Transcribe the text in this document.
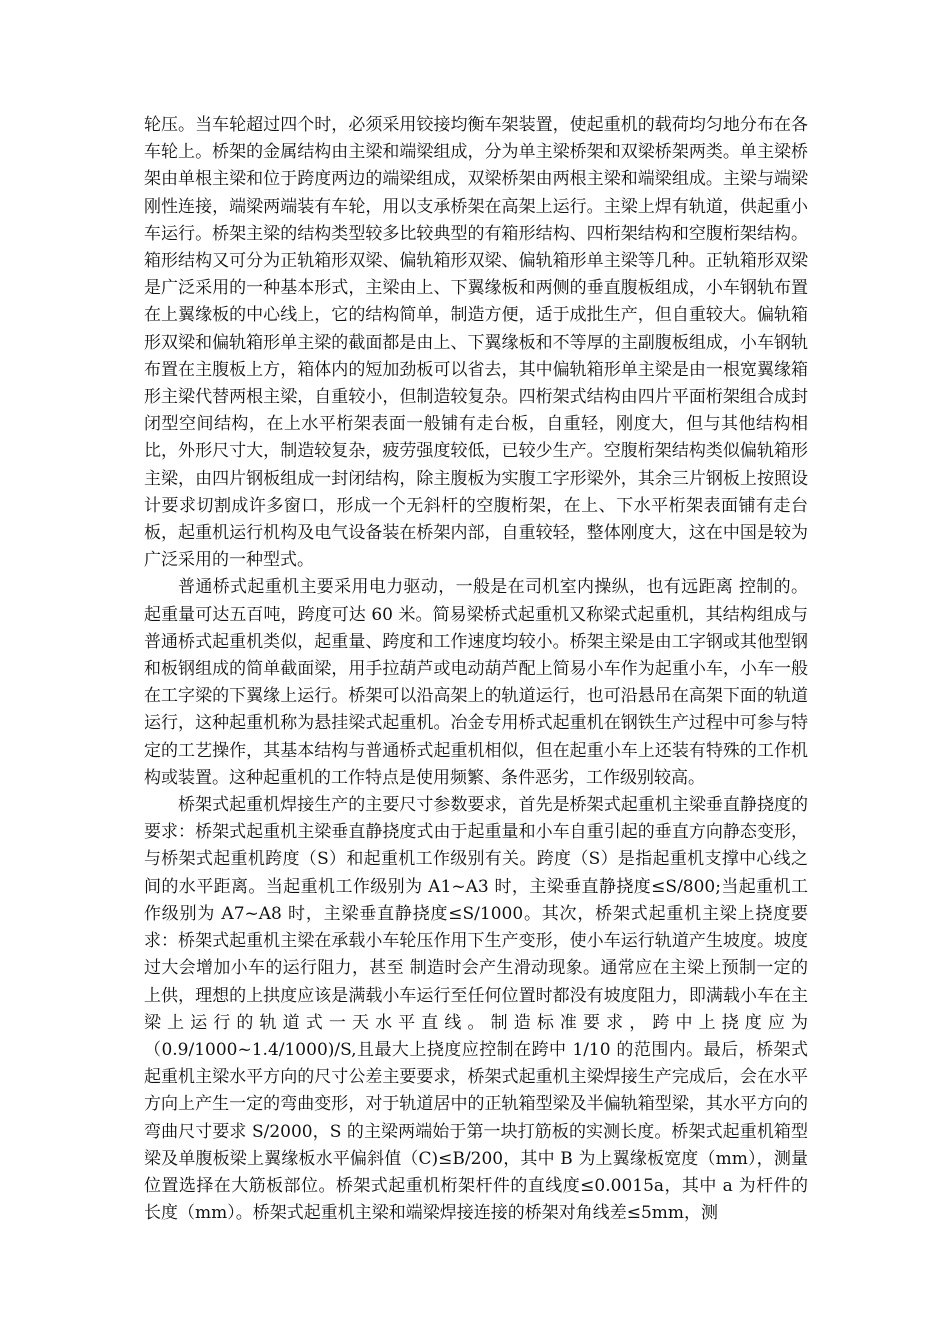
轮压。当车轮超过四个时，必须采用铰接均衡车架装置，使起重机的载荷均匀地分布在各车轮上。桥架的金属结构由主梁和端梁组成，分为单主梁桥架和双梁桥架两类。单主梁桥架由单根主梁和位于跨度两边的端梁组成，双梁桥架由两根主梁和端梁组成。主梁与端梁刚性连接，端梁两端装有车轮，用以支承桥架在高架上运行。主梁上焊有轨道，供起重小车运行。桥架主梁的结构类型较多比较典型的有箱形结构、四桁架结构和空腹桁架结构。箱形结构又可分为正轨箱形双梁、偏轨箱形双梁、偏轨箱形单主梁等几种。正轨箱形双梁是广泛采用的一种基本形式，主梁由上、下翼缘板和两侧的垂直腹板组成，小车钢轨布置在上翼缘板的中心线上，它的结构简单，制造方便，适于成批生产，但自重较大。偏轨箱形双梁和偏轨箱形单主梁的截面都是由上、下翼缘板和不等厚的主副腹板组成，小车钢轨布置在主腹板上方，箱体内的短加劲板可以省去，其中偏轨箱形单主梁是由一根宽翼缘箱形主梁代替两根主梁，自重较小，但制造较复杂。四桁架式结构由四片平面桁架组合成封闭型空间结构，在上水平桁架表面一般铺有走台板，自重轻，刚度大，但与其他结构相比，外形尺寸大，制造较复杂，疲劳强度较低，已较少生产。空腹桁架结构类似偏轨箱形主梁，由四片钢板组成一封闭结构，除主腹板为实腹工字形梁外，其余三片钢板上按照设计要求切割成许多窗口，形成一个无斜杆的空腹桁架，在上、下水平桁架表面铺有走台板，起重机运行机构及电气设备装在桥架内部，自重较轻，整体刚度大，这在中国是较为广泛采用的一种型式。

普通桥式起重机主要采用电力驱动，一般是在司机室内操纵，也有远距离 控制的。起重量可达五百吨，跨度可达 60 米。简易梁桥式起重机又称梁式起重机，其结构组成与普通桥式起重机类似，起重量、跨度和工作速度均较小。桥架主梁是由工字钢或其他型钢和板钢组成的简单截面梁，用手拉葫芦或电动葫芦配上简易小车作为起重小车，小车一般在工字梁的下翼缘上运行。桥架可以沿高架上的轨道运行，也可沿悬吊在高架下面的轨道运行，这种起重机称为悬挂梁式起重机。冶金专用桥式起重机在钢铁生产过程中可参与特定的工艺操作，其基本结构与普通桥式起重机相似，但在起重小车上还装有特殊的工作机构或装置。这种起重机的工作特点是使用频繁、条件恶劣，工作级别较高。

桥架式起重机焊接生产的主要尺寸参数要求，首先是桥架式起重机主梁垂直静挠度的要求：桥架式起重机主梁垂直静挠度式由于起重量和小车自重引起的垂直方向静态变形，与桥架式起重机跨度（S）和起重机工作级别有关。跨度（S）是指起重机支撑中心线之间的水平距离。当起重机工作级别为 A1~A3 时，主梁垂直静挠度≤S/800;当起重机工作级别为 A7~A8 时，主梁垂直静挠度≤S/1000。其次，桥架式起重机主梁上挠度要求：桥架式起重机主梁在承载小车轮压作用下生产变形，使小车运行轨道产生坡度。坡度过大会增加小车的运行阻力，甚至 制造时会产生滑动现象。通常应在主梁上预制一定的上供，理想的上拱度应该是满载小车运行至任何位置时都没有坡度阻力，即满载小车在主梁上运行的轨道式一天水平直线。制造标准要求，跨中上挠度应为（0.9/1000~1.4/1000)/S,且最大上挠度应控制在跨中 1/10 的范围内。最后，桥架式起重机主梁水平方向的尺寸公差主要要求，桥架式起重机主梁焊接生产完成后，会在水平方向上产生一定的弯曲变形，对于轨道居中的正轨箱型梁及半偏轨箱型梁，其水平方向的弯曲尺寸要求 S/2000，S 的主梁两端始于第一块打筋板的实测长度。桥架式起重机箱型梁及单腹板梁上翼缘板水平偏斜值（C)≤B/200，其中 B 为上翼缘板宽度（mm），测量位置选择在大筋板部位。桥架式起重机桁架杆件的直线度≤0.0015a，其中 a 为杆件的长度（mm）。桥架式起重机主梁和端梁焊接连接的桥架对角线差≤5mm，测
